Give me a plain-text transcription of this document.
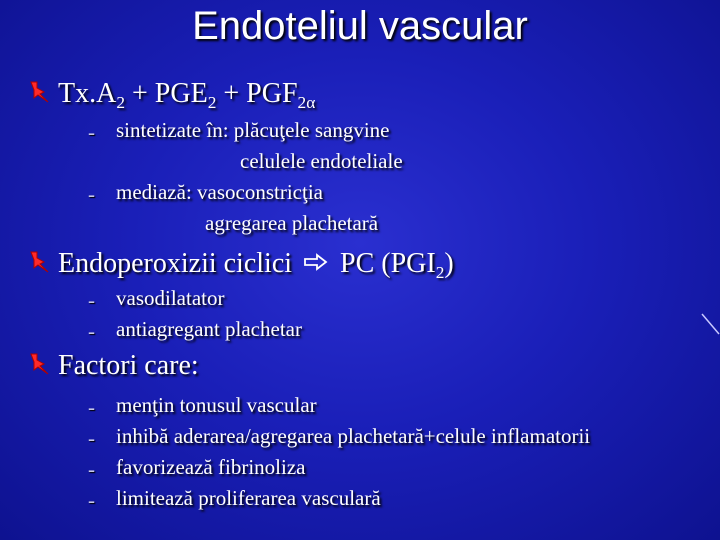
Endoteliul vascular
$Tx.A_2 + PGE_2 + PGF_{2\alpha}$
- sintetizate în: plăcuţele sangvine
celulele endoteliale
- mediază: vasoconstricţia
agregarea plachetară
Endoperoxizii ciclici  PC $(PGI_2)$
- vasodilatator
- antiagregant plachetar
Factori care:
- menţin tonusul vascular
- inhibă aderarea/agregarea plachetară+celule inflamatorii
- favorizează fibrinoliza
- limitează proliferarea vasculară
